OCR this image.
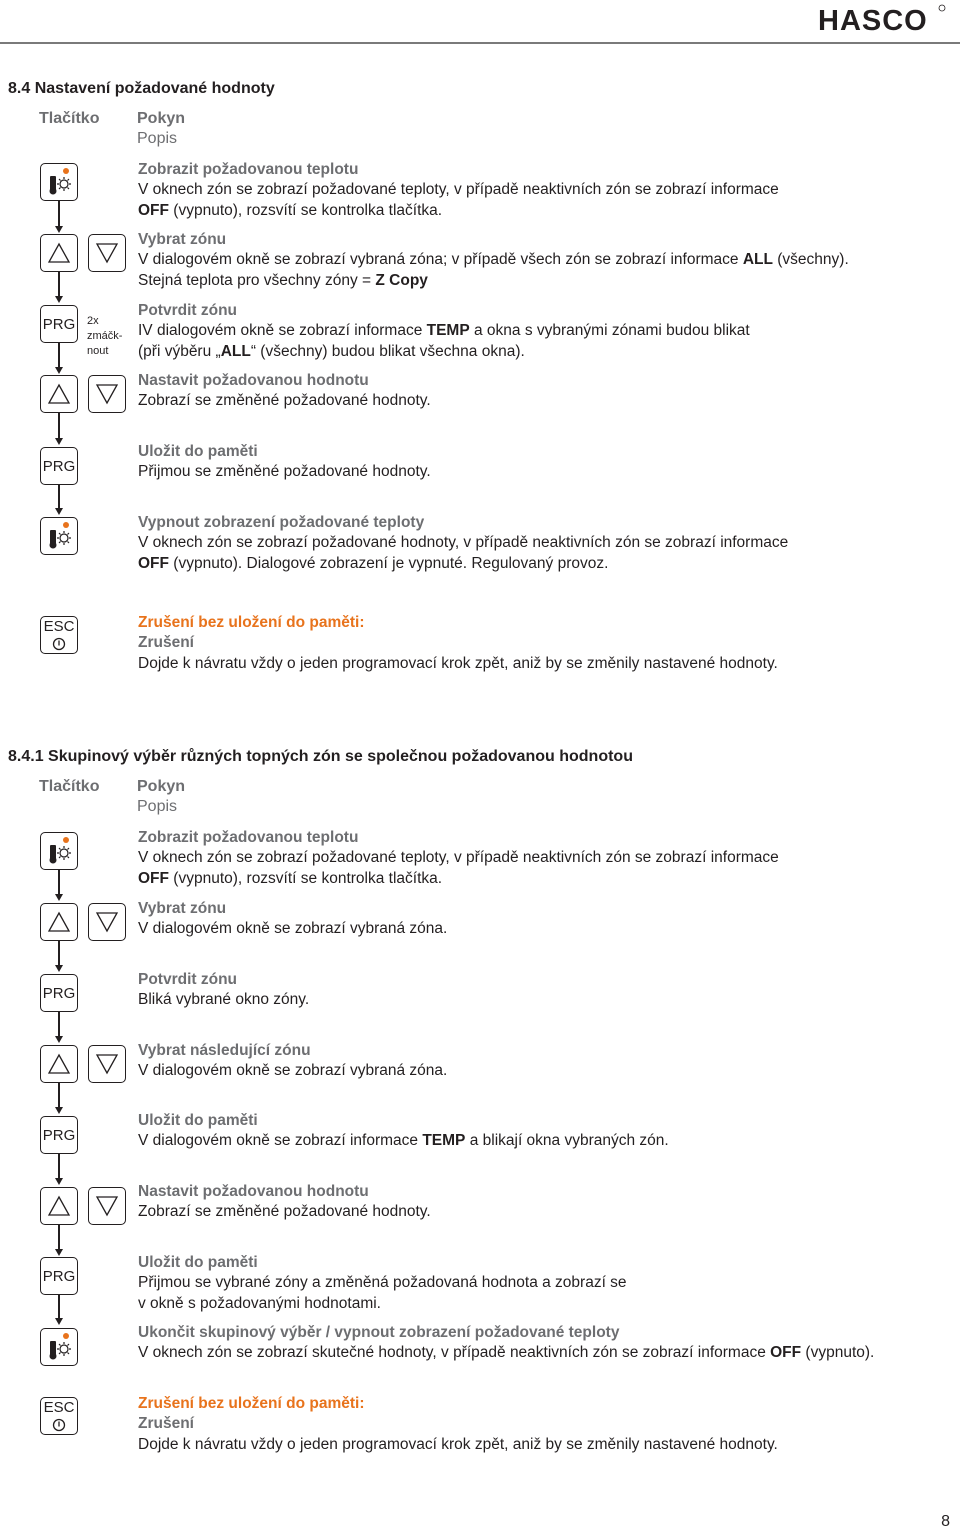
HASCO
8.4 Nastavení požadované hodnoty
Tlačítko Pokyn
Popis
Zobrazit požadovanou teplotu
V oknech zón se zobrazí požadované teploty, v případě neaktivních zón se zobrazí informace
OFF (vypnuto), rozsvítí se kontrolka tlačítka.
Vybrat zónu
V dialogovém okně se zobrazí vybraná zóna; v případě všech zón se zobrazí informace ALL (všechny).
Stejná teplota pro všechny zóny = Z Copy
Potvrdit zónu
IV dialogovém okně se zobrazí informace TEMP a okna s vybranými zónami budou blikat
(při výběru „ALL“ (všechny) budou blikat všechna okna).
Nastavit požadovanou hodnotu
Zobrazí se změněné požadované hodnoty.
Uložit do paměti
Přijmou se změněné požadované hodnoty.
Vypnout zobrazení požadované teploty
V oknech zón se zobrazí požadované hodnoty, v případě neaktivních zón se zobrazí informace
OFF (vypnuto). Dialogové zobrazení je vypnuté. Regulovaný provoz.
Zrušení bez uložení do paměti:
Zrušení
Dojde k návratu vždy o jeden programovací krok zpět, aniž by se změnily nastavené hodnoty.
2x
zmáčk-
nout
PRG
PRG
ESC
8.4.1 Skupinový výběr různých topných zón se společnou požadovanou hodnotou
Tlačítko Pokyn
Popis
Zobrazit požadovanou teplotu
V oknech zón se zobrazí požadované teploty, v případě neaktivních zón se zobrazí informace
OFF (vypnuto), rozsvítí se kontrolka tlačítka.
Vybrat zónu
V dialogovém okně se zobrazí vybraná zóna.
Potvrdit zónu
Bliká vybrané okno zóny.
Vybrat následující zónu
V dialogovém okně se zobrazí vybraná zóna.
Uložit do paměti
V dialogovém okně se zobrazí informace TEMP a blikají okna vybraných zón.
Nastavit požadovanou hodnotu
Zobrazí se změněné požadované hodnoty.
Uložit do paměti
Přijmou se vybrané zóny a změněná požadovaná hodnota a zobrazí se
v okně s požadovanými hodnotami.
Ukončit skupinový výběr / vypnout zobrazení požadované teploty
V oknech zón se zobrazí skutečné hodnoty, v případě neaktivních zón se zobrazí informace OFF (vypnuto).
Zrušení bez uložení do paměti:
Zrušení
Dojde k návratu vždy o jeden programovací krok zpět, aniž by se změnily nastavené hodnoty.
PRG
PRG
PRG
ESC
8
